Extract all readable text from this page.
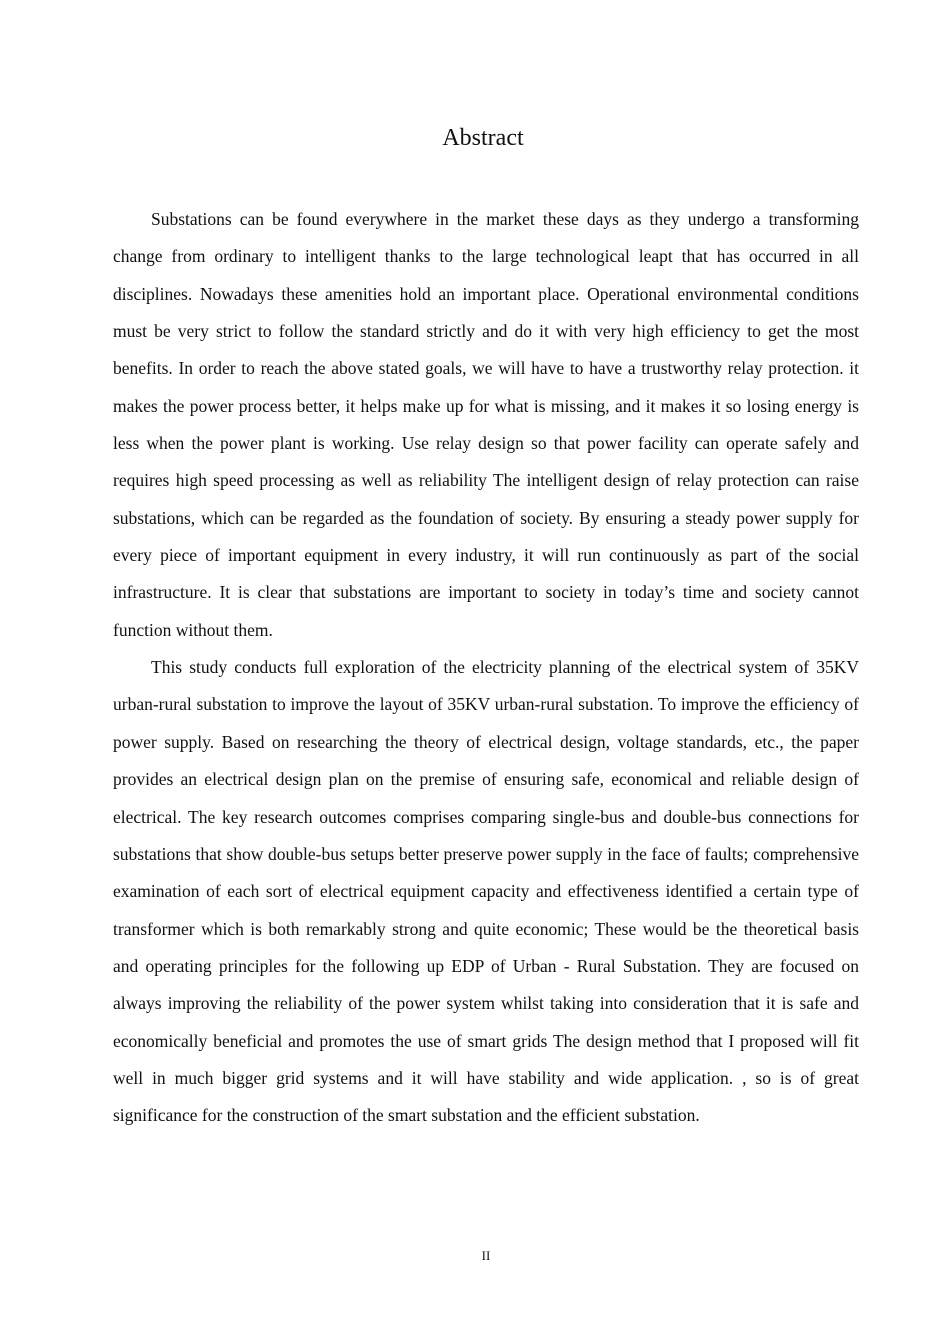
Abstract

Substations can be found everywhere in the market these days as they undergo a transforming change from ordinary to intelligent thanks to the large technological leapt that has occurred in all disciplines. Nowadays these amenities hold an important place. Operational environmental conditions must be very strict to follow the standard strictly and do it with very high efficiency to get the most benefits. In order to reach the above stated goals, we will have to have a trustworthy relay protection. it makes the power process better, it helps make up for what is missing, and it makes it so losing energy is less when the power plant is working. Use relay design so that power facility can operate safely and requires high speed processing as well as reliability The intelligent design of relay protection can raise substations, which can be regarded as the foundation of society. By ensuring a steady power supply for every piece of important equipment in every industry, it will run continuously as part of the social infrastructure. It is clear that substations are important to society in today’s time and society cannot function without them.

This study conducts full exploration of the electricity planning of the electrical system of 35KV urban-rural substation to improve the layout of 35KV urban-rural substation. To improve the efficiency of power supply. Based on researching the theory of electrical design, voltage standards, etc., the paper provides an electrical design plan on the premise of ensuring safe, economical and reliable design of electrical. The key research outcomes comprises comparing single-bus and double-bus connections for substations that show double-bus setups better preserve power supply in the face of faults; comprehensive examination of each sort of electrical equipment capacity and effectiveness identified a certain type of transformer which is both remarkably strong and quite economic; These would be the theoretical basis and operating principles for the following up EDP of Urban - Rural Substation. They are focused on always improving the reliability of the power system whilst taking into consideration that it is safe and economically beneficial and promotes the use of smart grids The design method that I proposed will fit well in much bigger grid systems and it will have stability and wide application. , so is of great significance for the construction of the smart substation and the efficient substation.

II
